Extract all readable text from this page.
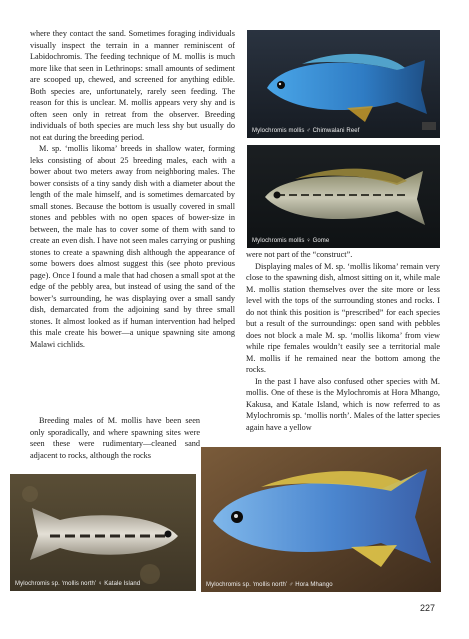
where they contact the sand. Sometimes foraging individuals visually inspect the terrain in a manner reminiscent of Labidochromis. The feeding technique of M. mollis is much more like that seen in Lethrinops: small amounts of sediment are scooped up, chewed, and screened for anything edible. Both species are, unfortunately, rarely seen feeding. The reason for this is unclear. M. mollis appears very shy and is often seen only in retreat from the observer. Breeding individuals of both species are much less shy but usually do not eat during the breeding period.

M. sp. ‘mollis likoma’ breeds in shallow water, forming leks consisting of about 25 breeding males, each with a bower about two meters away from neighboring males. The bower consists of a tiny sandy dish with a diameter about the length of the male himself, and is sometimes demarcated by small stones. Because the bottom is usually covered in small stones and pebbles with no open spaces of bower-size in between, the male has to cover some of them with sand to create an even dish. I have not seen males carrying or pushing stones to create a spawning dish although the appearance of some bowers does almost suggest this (see photo previous page). Once I found a male that had chosen a small spot at the edge of the pebbly area, but instead of using the sand of the bower’s surrounding, he was displaying over a small sandy dish, demarcated from the adjoining sand by three small stones. It almost looked as if human intervention had helped this male create his bower—a unique spawning site among Malawi cichlids.

Breeding males of M. mollis have been seen only sporadically, and where spawning sites were seen these were rudimentary—cleaned sand adjacent to rocks, although the rocks

were not part of the “construct”.

Displaying males of M. sp. ‘mollis likoma’ remain very close to the spawning dish, almost sitting on it, while male M. mollis station themselves over the site more or less level with the tops of the surrounding stones and rocks. I do not think this position is “prescribed” for each species but a result of the surroundings: open sand with pebbles does not block a male M. sp. ‘mollis likoma’ from view while ripe females wouldn’t easily see a territorial male M. mollis if he remained near the bottom among the rocks.

In the past I have also confused other species with M. mollis. One of these is the Mylochromis at Hora Mhango, Kakusa, and Katale Island, which is now referred to as Mylochromis sp. ‘mollis north’. Males of the latter species again have a yellow

Mylochromis mollis ♂ Chimwalani Reef
Mylochromis mollis ♀ Gome
Mylochromis sp. ‘mollis north’ ♀ Katale Island	Mylochromis sp. ‘mollis north’ ♂ Hora Mhango
227
